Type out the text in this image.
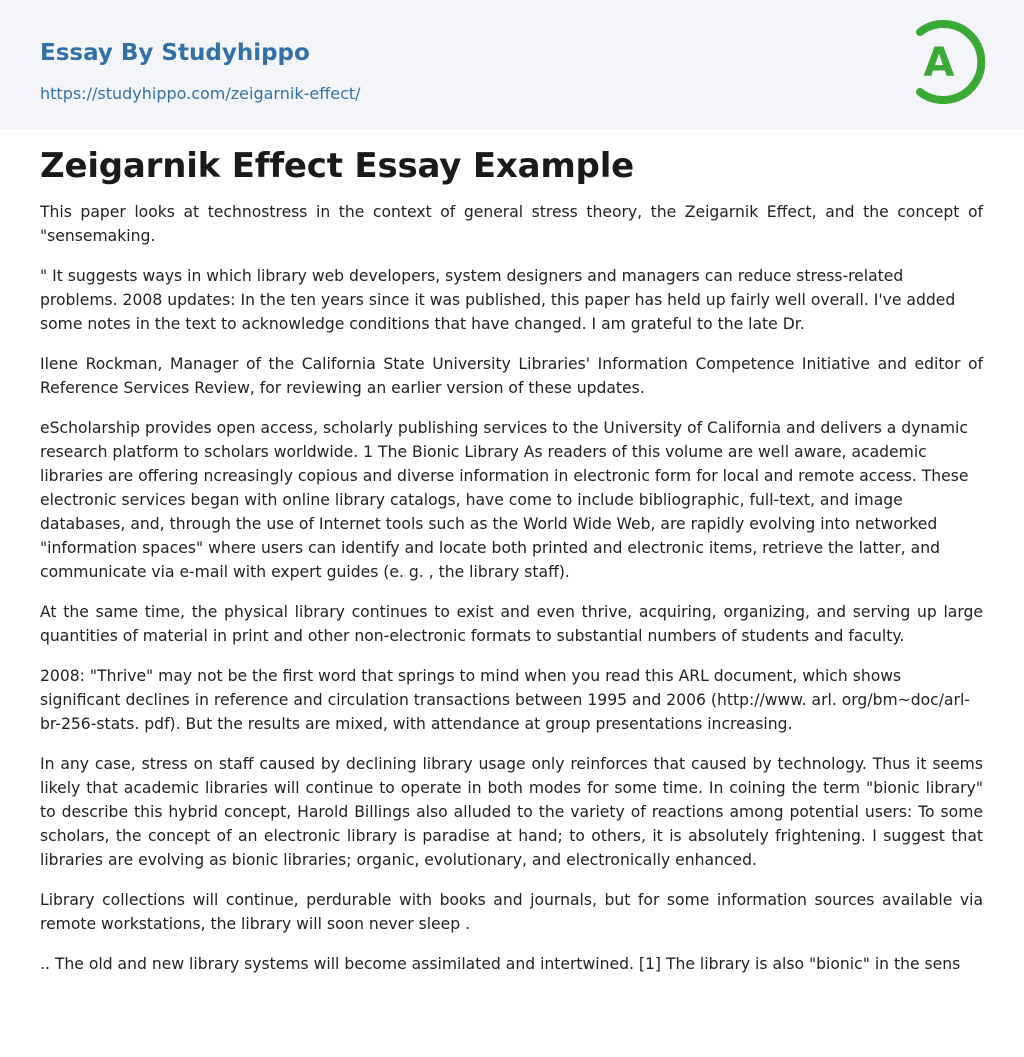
Essay By Studyhippo
https://studyhippo.com/zeigarnik-effect/
A
Zeigarnik Effect Essay Example

This paper looks at technostress in the context of general stress theory, the Zeigarnik Effect, and the concept of "sensemaking.

" It suggests ways in which library web developers, system designers and managers can reduce stress-related problems. 2008 updates: In the ten years since it was published, this paper has held up fairly well overall. I've added some notes in the text to acknowledge conditions that have changed. I am grateful to the late Dr.

Ilene Rockman, Manager of the California State University Libraries' Information Competence Initiative and editor of Reference Services Review, for reviewing an earlier version of these updates.

eScholarship provides open access, scholarly publishing services to the University of California and delivers a dynamic research platform to scholars worldwide. 1 The Bionic Library As readers of this volume are well aware, academic libraries are offering ncreasingly copious and diverse information in electronic form for local and remote access. These electronic services began with online library catalogs, have come to include bibliographic, full-text, and image databases, and, through the use of Internet tools such as the World Wide Web, are rapidly evolving into networked "information spaces" where users can identify and locate both printed and electronic items, retrieve the latter, and communicate via e-mail with expert guides (e. g. , the library staff).

At the same time, the physical library continues to exist and even thrive, acquiring, organizing, and serving up large quantities of material in print and other non-electronic formats to substantial numbers of students and faculty.

2008: "Thrive" may not be the first word that springs to mind when you read this ARL document, which shows significant declines in reference and circulation transactions between 1995 and 2006 (http://www. arl. org/bm~doc/arl-br-256-stats. pdf). But the results are mixed, with attendance at group presentations increasing.

In any case, stress on staff caused by declining library usage only reinforces that caused by technology. Thus it seems likely that academic libraries will continue to operate in both modes for some time. In coining the term "bionic library" to describe this hybrid concept, Harold Billings also alluded to the variety of reactions among potential users: To some scholars, the concept of an electronic library is paradise at hand; to others, it is absolutely frightening. I suggest that libraries are evolving as bionic libraries; organic, evolutionary, and electronically enhanced.

Library collections will continue, perdurable with books and journals, but for some information sources available via remote workstations, the library will soon never sleep .

.. The old and new library systems will become assimilated and intertwined. [1] The library is also "bionic" in the sens
